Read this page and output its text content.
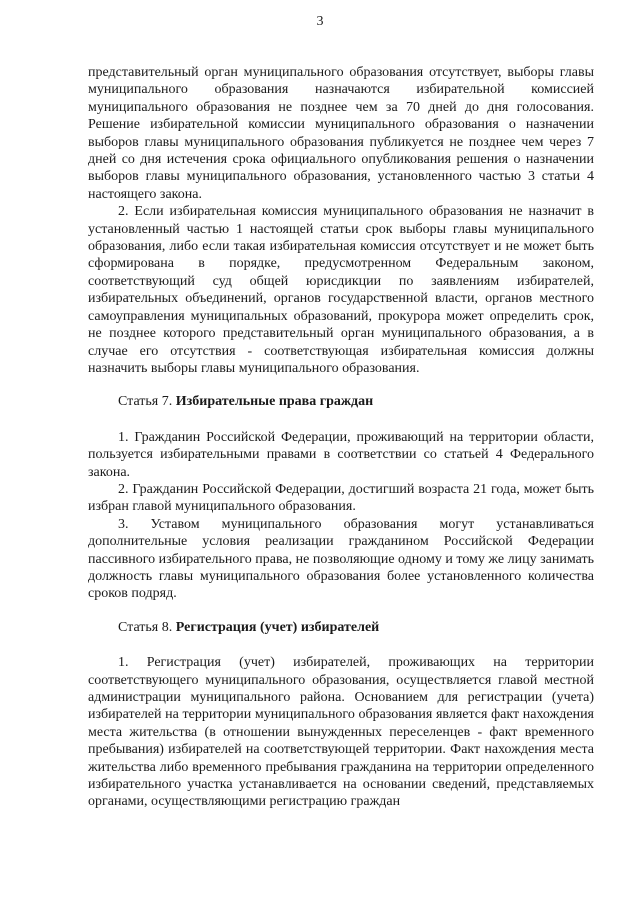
3

представительный орган муниципального образования отсутствует, выборы главы муниципального образования назначаются избирательной комиссией муниципального образования не позднее чем за 70 дней до дня голосования. Решение избирательной комиссии муниципального образования о назначении выборов главы муниципального образования публикуется не позднее чем через 7 дней со дня истечения срока официального опубликования решения о назначении выборов главы муниципального образования, установленного частью 3 статьи 4 настоящего закона.

2. Если избирательная комиссия муниципального образования не назначит в установленный частью 1 настоящей статьи срок выборы главы муниципального образования, либо если такая избирательная комиссия отсутствует и не может быть сформирована в порядке, предусмотренном Федеральным законом, соответствующий суд общей юрисдикции по заявлениям избирателей, избирательных объединений, органов государственной власти, органов местного самоуправления муниципальных образований, прокурора может определить срок, не позднее которого представительный орган муниципального образования, а в случае его отсутствия - соответствующая избирательная комиссия должны назначить выборы главы муниципального образования.

Статья 7. Избирательные права граждан

1. Гражданин Российской Федерации, проживающий на территории области, пользуется избирательными правами в соответствии со статьей 4 Федерального закона.

2. Гражданин Российской Федерации, достигший возраста 21 года, может быть избран главой муниципального образования.

3. Уставом муниципального образования могут устанавливаться дополнительные условия реализации гражданином Российской Федерации пассивного избирательного права, не позволяющие одному и тому же лицу занимать должность главы муниципального образования более установленного количества сроков подряд.

Статья 8. Регистрация (учет) избирателей

1. Регистрация (учет) избирателей, проживающих на территории соответствующего муниципального образования, осуществляется главой местной администрации муниципального района. Основанием для регистрации (учета) избирателей на территории муниципального образования является факт нахождения места жительства (в отношении вынужденных переселенцев - факт временного пребывания) избирателей на соответствующей территории. Факт нахождения места жительства либо временного пребывания гражданина на территории определенного избирательного участка устанавливается на основании сведений, представляемых органами, осуществляющими регистрацию граждан
